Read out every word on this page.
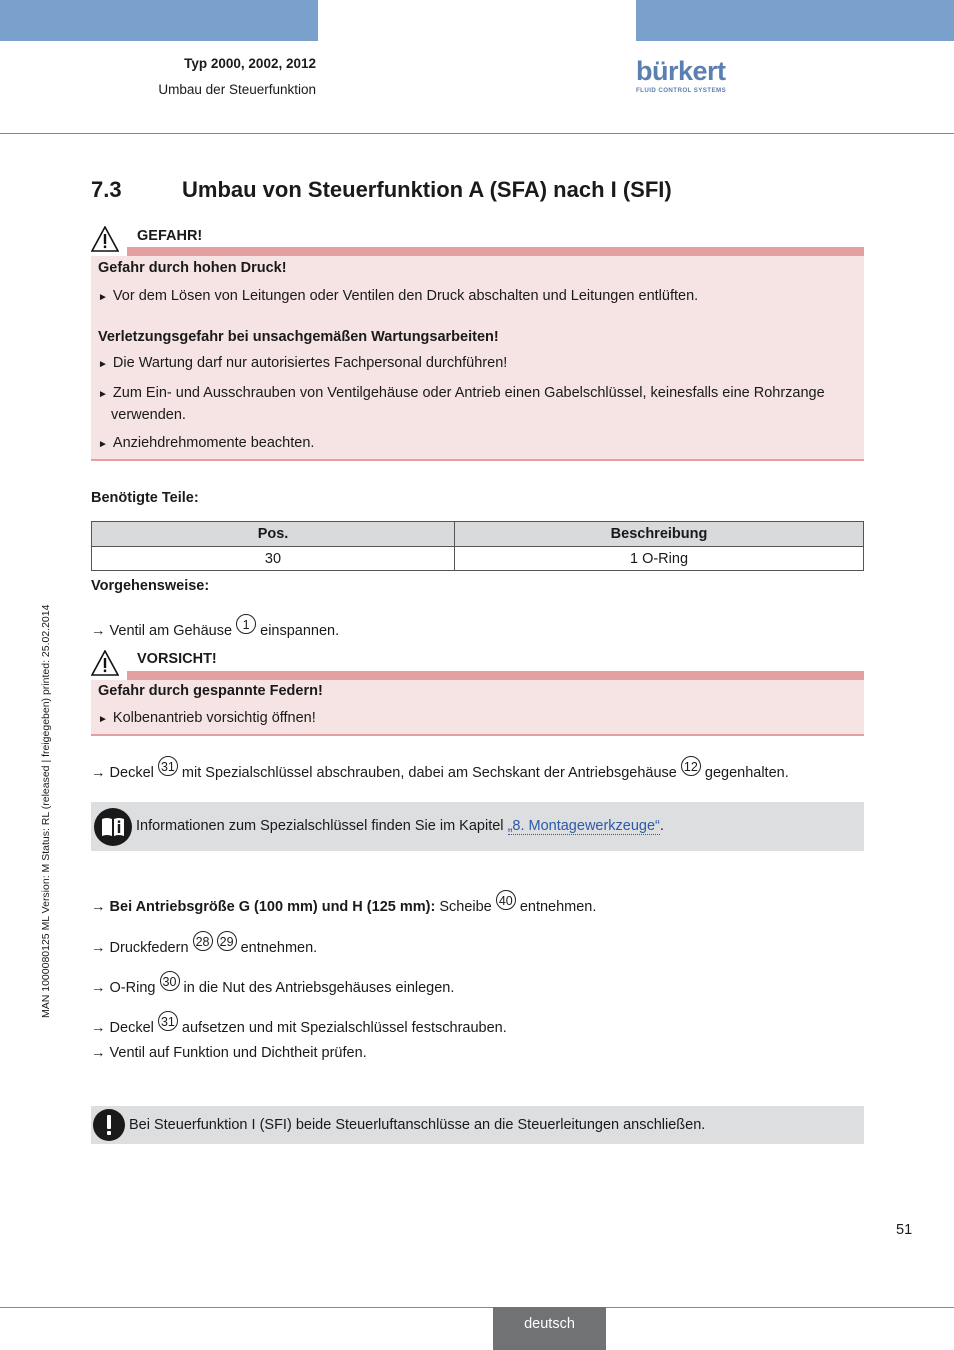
Typ 2000, 2002, 2012
Umbau der Steuerfunktion
bürkert
FLUID CONTROL SYSTEMS
MAN 1000080125 ML Version: M Status: RL (released | freigegeben) printed: 25.02.2014
7.3	Umbau von Steuerfunktion A (SFA) nach I (SFI)
GEFAHR!
Gefahr durch hohen Druck!
► Vor dem Lösen von Leitungen oder Ventilen den Druck abschalten und Leitungen entlüften.
Verletzungsgefahr bei unsachgemäßen Wartungsarbeiten!
► Die Wartung darf nur autorisiertes Fachpersonal durchführen!
► Zum Ein- und Ausschrauben von Ventilgehäuse oder Antrieb einen Gabelschlüssel, keinesfalls eine Rohrzange verwenden.
► Anziehdrehmomente beachten.
Benötigte Teile:
Pos.	Beschreibung
30	1 O-Ring
Vorgehensweise:
→ Ventil am Gehäuse 1 einspannen.
VORSICHT!
Gefahr durch gespannte Federn!
► Kolbenantrieb vorsichtig öffnen!
→ Deckel 31 mit Spezialschlüssel abschrauben, dabei am Sechskant der Antriebsgehäuse 12 gegenhalten.
Informationen zum Spezialschlüssel finden Sie im Kapitel „8. Montagewerkzeuge“.
→ Bei Antriebsgröße G (100 mm) und H (125 mm): Scheibe 40 entnehmen.
→ Druckfedern 28 29 entnehmen.
→ O-Ring 30 in die Nut des Antriebsgehäuses einlegen.
→ Deckel 31 aufsetzen und mit Spezialschlüssel festschrauben.
→ Ventil auf Funktion und Dichtheit prüfen.
Bei Steuerfunktion I (SFI) beide Steuerluftanschlüsse an die Steuerleitungen anschließen.
51
deutsch
